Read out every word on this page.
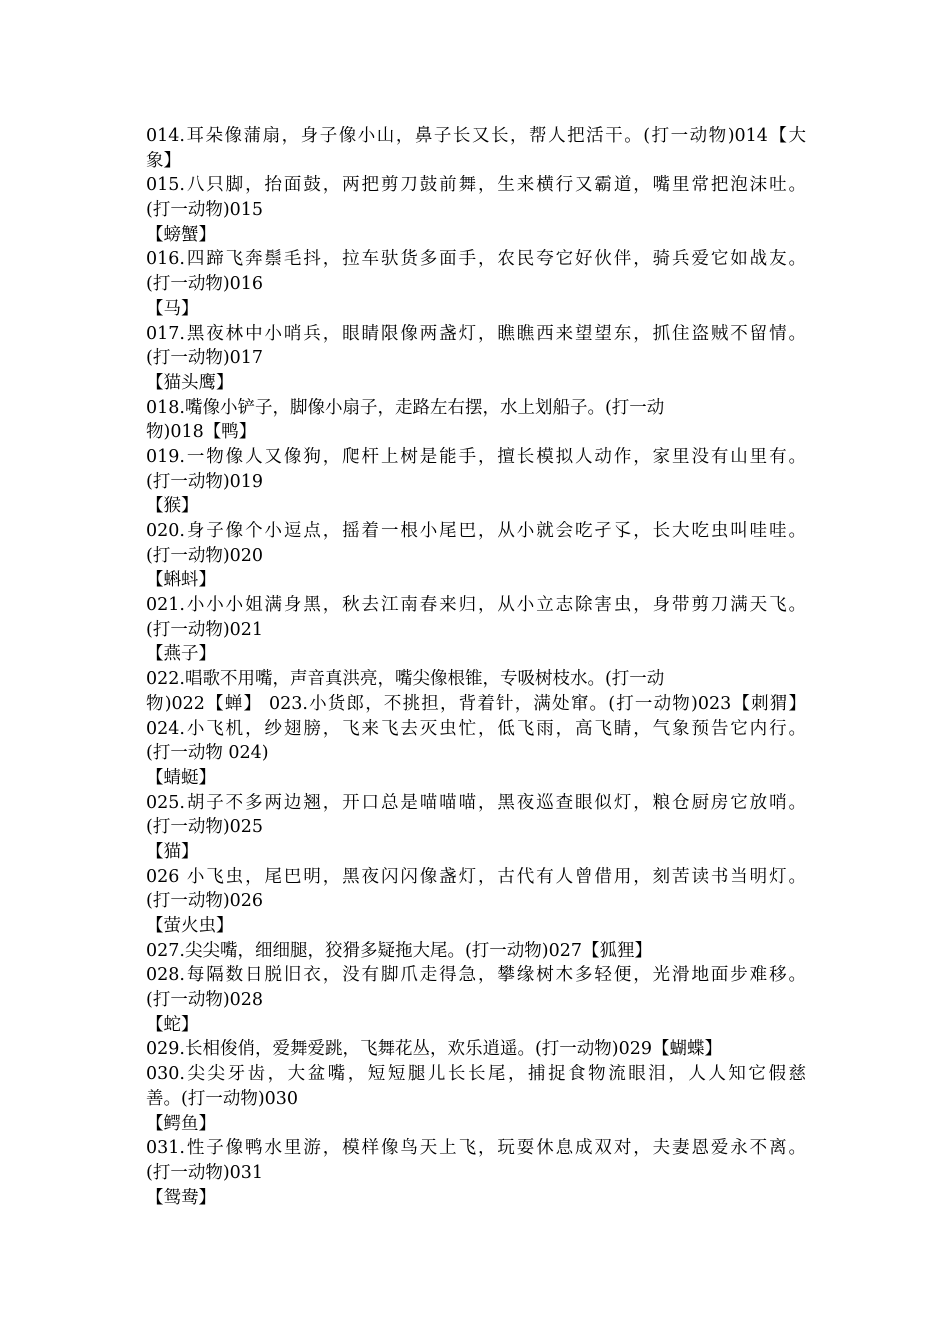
014.耳朵像蒲扇，身子像小山，鼻子长又长，帮人把活干。(打一动物)014【大
象】
015.八只脚，抬面鼓，两把剪刀鼓前舞，生来横行又霸道，嘴里常把泡沫吐。
(打一动物)015
【螃蟹】
016.四蹄飞奔鬃毛抖，拉车驮货多面手，农民夸它好伙伴，骑兵爱它如战友。
(打一动物)016
【马】
017.黑夜林中小哨兵，眼睛限像两盏灯，瞧瞧西来望望东，抓住盗贼不留情。
(打一动物)017
【猫头鹰】
018.嘴像小铲子，脚像小扇子，走路左右摆，水上划船子。(打一动
物)018【鸭】
019.一物像人又像狗，爬杆上树是能手，擅长模拟人动作，家里没有山里有。
(打一动物)019
【猴】
020.身子像个小逗点，摇着一根小尾巴，从小就会吃孑孓，长大吃虫叫哇哇。
(打一动物)020
【蝌蚪】
021.小小小姐满身黑，秋去江南春来归，从小立志除害虫，身带剪刀满天飞。
(打一动物)021
【燕子】
022.唱歌不用嘴，声音真洪亮，嘴尖像根锥，专吸树枝水。(打一动
物)022【蝉】 023.小货郎，不挑担，背着针，满处窜。(打一动物)023【刺猬】
024.小飞机，纱翅膀，飞来飞去灭虫忙，低飞雨，高飞睛，气象预告它内行。
(打一动物 024)
【蜻蜓】
025.胡子不多两边翘，开口总是喵喵喵，黑夜巡查眼似灯，粮仓厨房它放哨。
(打一动物)025
【猫】
026 小飞虫，尾巴明，黑夜闪闪像盏灯，古代有人曾借用，刻苦读书当明灯。
(打一动物)026
【萤火虫】
027.尖尖嘴，细细腿，狡猾多疑拖大尾。(打一动物)027【狐狸】
028.每隔数日脱旧衣，没有脚爪走得急，攀缘树木多轻便，光滑地面步难移。
(打一动物)028
【蛇】
029.长相俊俏，爱舞爱跳，飞舞花丛，欢乐逍遥。(打一动物)029【蝴蝶】
030.尖尖牙齿，大盆嘴，短短腿儿长长尾，捕捉食物流眼泪，人人知它假慈
善。(打一动物)030
【鳄鱼】
031.性子像鸭水里游，模样像鸟天上飞，玩耍休息成双对，夫妻恩爱永不离。
(打一动物)031
【鸳鸯】
